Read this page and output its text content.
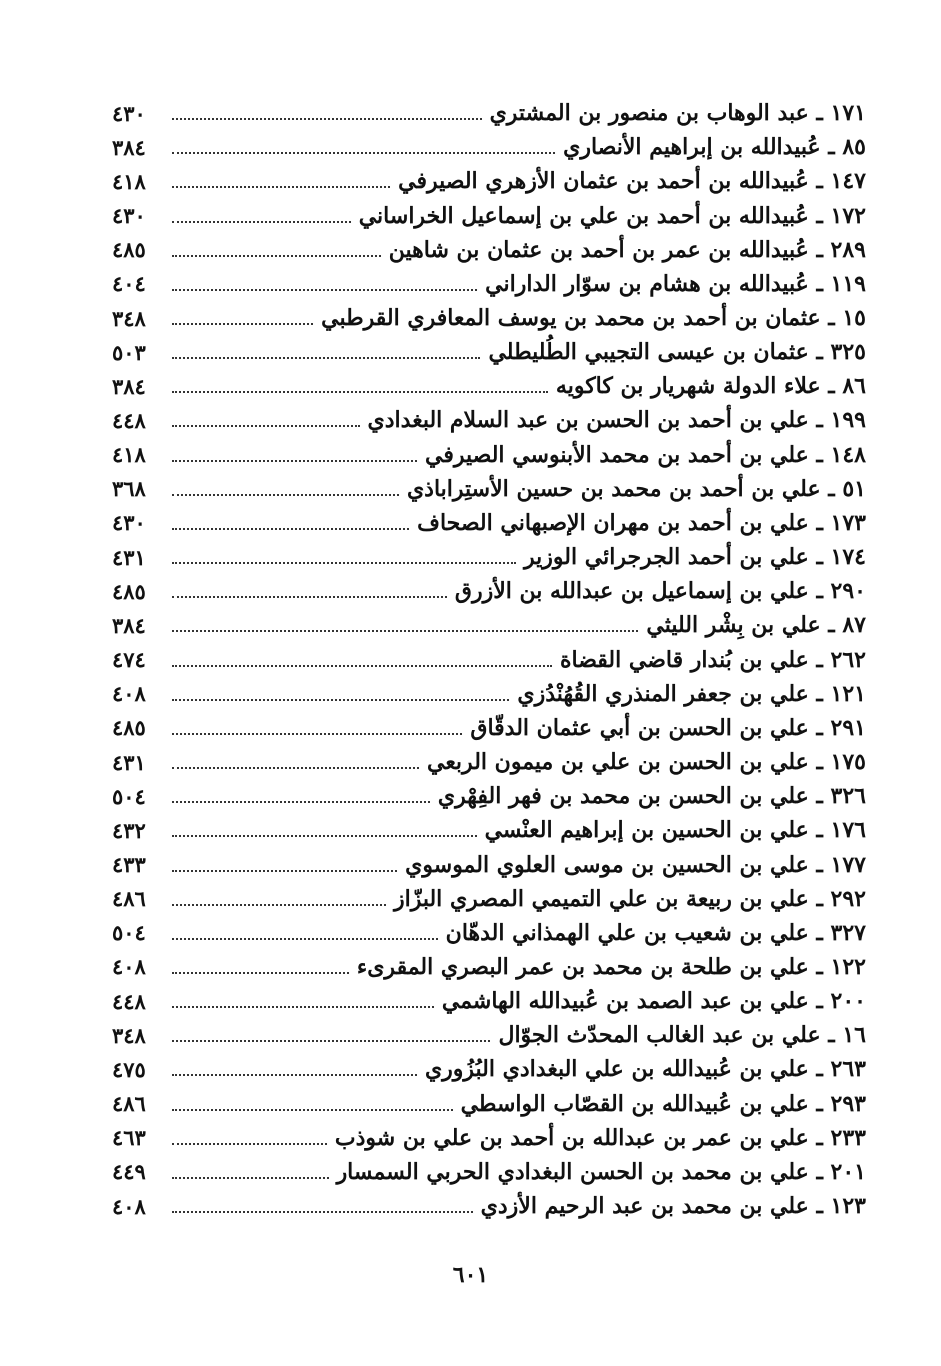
١٧١ ـ عبد الوهاب بن منصور بن المشتري
٤٣٠
٨٥ ـ عُبيدالله بن إبراهيم الأنصاري
٣٨٤
١٤٧ ـ عُبيدالله بن أحمد بن عثمان الأزهري الصيرفي
٤١٨
١٧٢ ـ عُبيدالله بن أحمد بن علي بن إسماعيل الخراساني
٤٣٠
٢٨٩ ـ عُبيدالله بن عمر بن أحمد بن عثمان بن شاهين
٤٨٥
١١٩ ـ عُبيدالله بن هشام بن سوّار الداراني
٤٠٤
١٥ ـ عثمان بن أحمد بن محمد بن يوسف المعافري القرطبي
٣٤٨
٣٢٥ ـ عثمان بن عيسى التجيبي الطُليطلي
٥٠٣
٨٦ ـ علاء الدولة شهريار بن كاكويه
٣٨٤
١٩٩ ـ علي بن أحمد بن الحسن بن عبد السلام البغدادي
٤٤٨
١٤٨ ـ علي بن أحمد بن محمد الأبنوسي الصيرفي
٤١٨
٥١ ـ علي بن أحمد بن محمد بن حسين الأستِراباذي
٣٦٨
١٧٣ ـ علي بن أحمد بن مهران الإصبهاني الصحاف
٤٣٠
١٧٤ ـ علي بن أحمد الجرجرائي الوزير
٤٣١
٢٩٠ ـ علي بن إسماعيل بن عبدالله بن الأزرق
٤٨٥
٨٧ ـ علي بن بِشْر الليثي
٣٨٤
٢٦٢ ـ علي بن بُندار قاضي القضاة
٤٧٤
١٢١ ـ علي بن جعفر المنذري القُهُنْدُزي
٤٠٨
٢٩١ ـ علي بن الحسن بن أبي عثمان الدقّاق
٤٨٥
١٧٥ ـ علي بن الحسن بن علي بن ميمون الربعي
٤٣١
٣٢٦ ـ علي بن الحسن بن محمد بن فهر الفِهْري
٥٠٤
١٧٦ ـ علي بن الحسين بن إبراهيم العنْسي
٤٣٢
١٧٧ ـ علي بن الحسين بن موسى العلوي الموسوي
٤٣٣
٢٩٢ ـ علي بن ربيعة بن علي التميمي المصري البزّاز
٤٨٦
٣٢٧ ـ علي بن شعيب بن علي الهمذاني الدهّان
٥٠٤
١٢٢ ـ علي بن طلحة بن محمد بن عمر البصري المقرىء
٤٠٨
٢٠٠ ـ علي بن عبد الصمد بن عُبيدالله الهاشمي
٤٤٨
١٦ ـ علي بن عبد الغالب المحدّث الجوّال
٣٤٨
٢٦٣ ـ علي بن عُبيدالله بن علي البغدادي البُزُوري
٤٧٥
٢٩٣ ـ علي بن عُبيدالله بن القصّاب الواسطي
٤٨٦
٢٣٣ ـ علي بن عمر بن عبدالله بن أحمد بن علي بن شوذب
٤٦٣
٢٠١ ـ علي بن محمد بن الحسن البغدادي الحربي السمسار
٤٤٩
١٢٣ ـ علي بن محمد بن عبد الرحيم الأزدي
٤٠٨
٦٠١
